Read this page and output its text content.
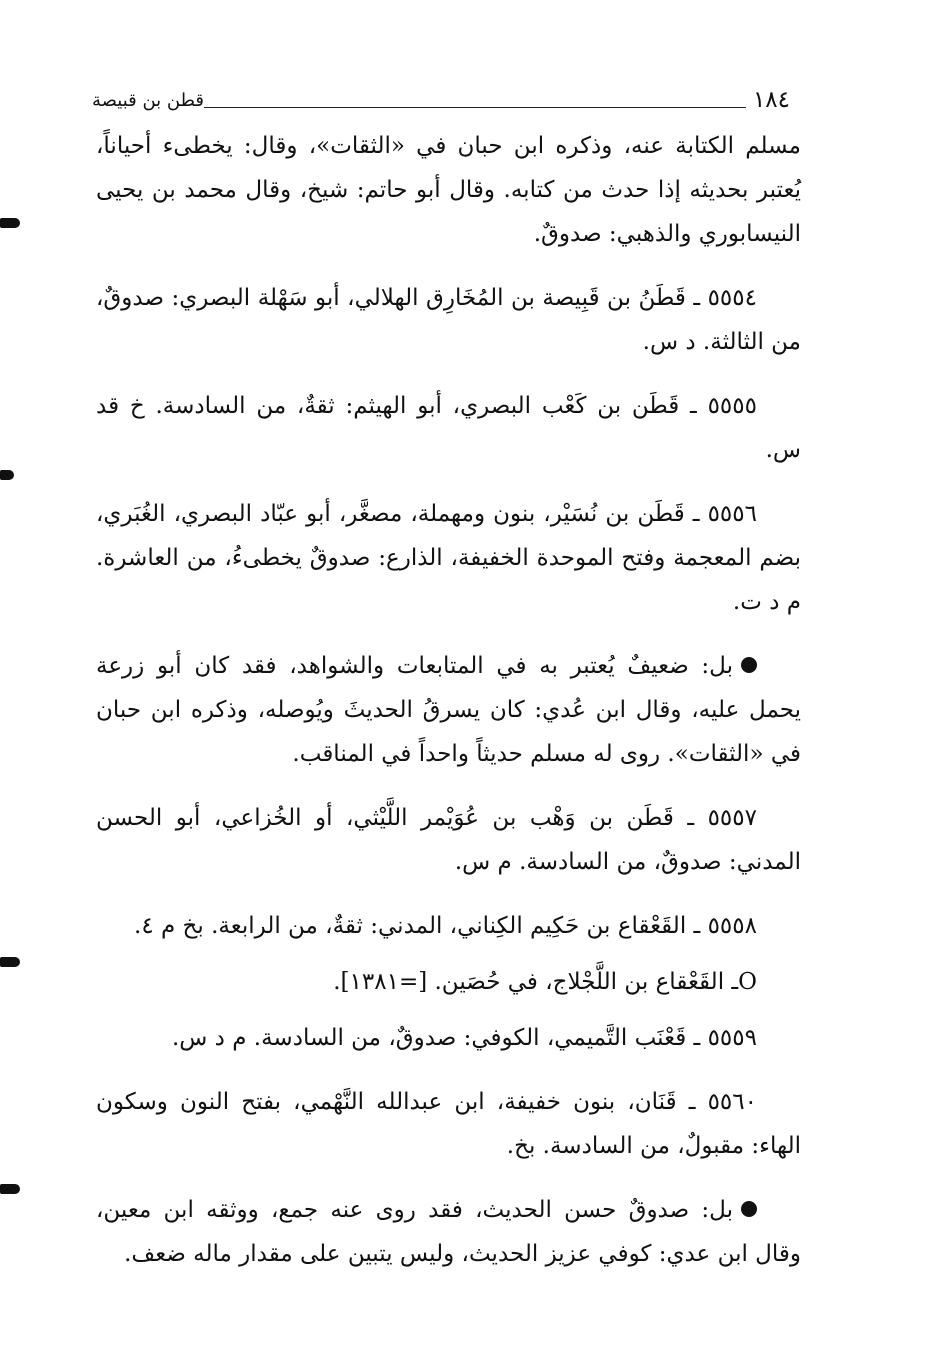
١٨٤
قطن بن قبيصة

مسلم الكتابة عنه، وذكره ابن حبان في «الثقات»، وقال: يخطىء أحياناً، يُعتبر بحديثه إذا حدث من كتابه. وقال أبو حاتم: شيخ، وقال محمد بن يحيى النيسابوري والذهبي: صدوقٌ.

٥٥٥٤ ـ قَطَنُ بن قَبِيصة بن المُخَارِق الهلالي، أبو سَهْلة البصري: صدوقٌ، من الثالثة. د س.

٥٥٥٥ ـ قَطَن بن كَعْب البصري، أبو الهيثم: ثقةٌ، من السادسة. خ قد س.

٥٥٥٦ ـ قَطَن بن نُسَيْر، بنون ومهملة، مصغَّر، أبو عبّاد البصري، الغُبَري، بضم المعجمة وفتح الموحدة الخفيفة، الذارع: صدوقٌ يخطىءُ، من العاشرة. م د ت.

بل: ضعيفٌ يُعتبر به في المتابعات والشواهد، فقد كان أبو زرعة يحمل عليه، وقال ابن عُدي: كان يسرقُ الحديثَ ويُوصله، وذكره ابن حبان في «الثقات». روى له مسلم حديثاً واحداً في المناقب.

٥٥٥٧ ـ قَطَن بن وَهْب بن عُوَيْمر اللَّيْثي، أو الخُزاعي، أبو الحسن المدني: صدوقٌ، من السادسة. م س.

٥٥٥٨ ـ القَعْقاع بن حَكِيم الكِناني، المدني: ثقةٌ، من الرابعة. بخ م ٤.

Oـ القَعْقاع بن اللَّجْلاج، في حُصَين. [=١٣٨١].

٥٥٥٩ ـ قَعْنَب التَّميمي، الكوفي: صدوقٌ، من السادسة. م د س.

٥٥٦٠ ـ قَنَان، بنون خفيفة، ابن عبدالله النَّهْمي، بفتح النون وسكون الهاء: مقبولٌ، من السادسة. بخ.

بل: صدوقٌ حسن الحديث، فقد روى عنه جمع، ووثقه ابن معين، وقال ابن عدي: كوفي عزيز الحديث، وليس يتبين على مقدار ماله ضعف.
